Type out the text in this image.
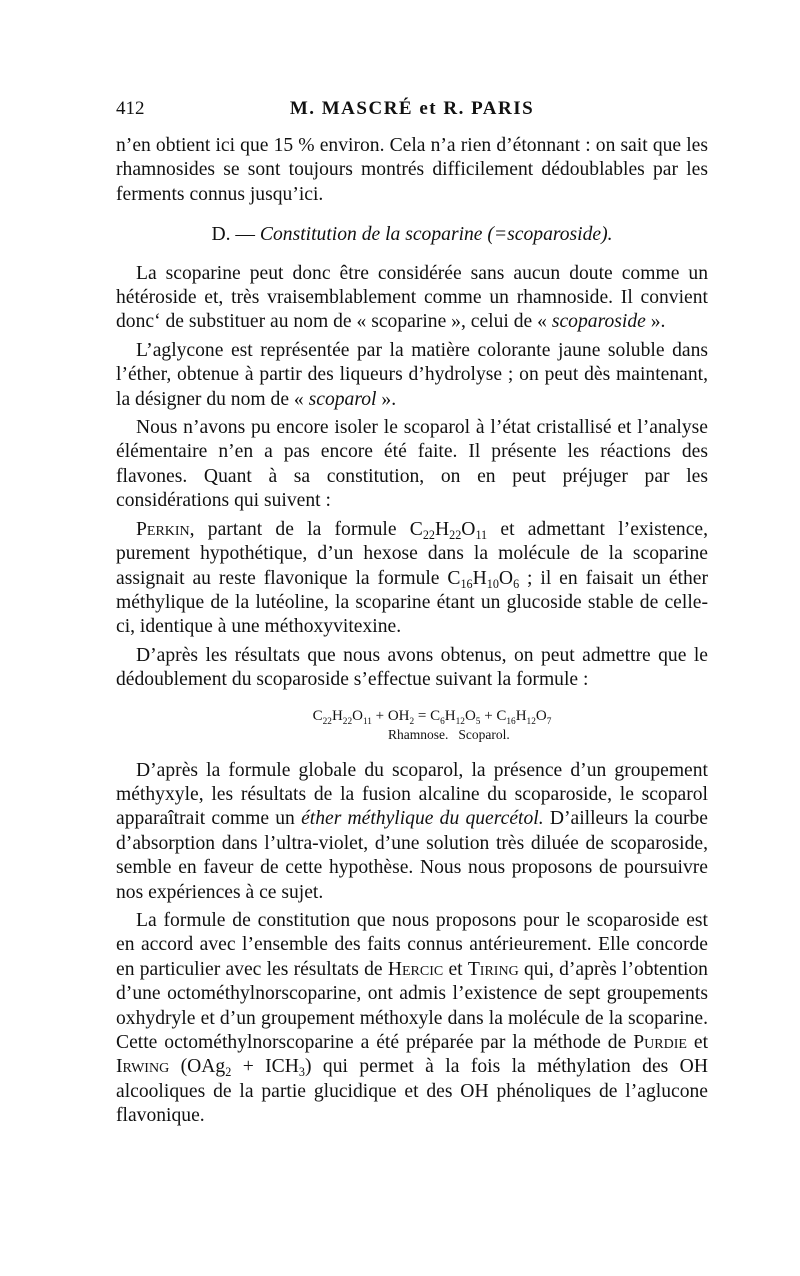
412	M. MASCRÉ et R. PARIS

n’en obtient ici que 15 % environ. Cela n’a rien d’étonnant : on sait que les rhamnosides se sont toujours montrés difficilement dédoublables par les ferments connus jusqu’ici.

D. — Constitution de la scoparine (=scoparoside).

La scoparine peut donc être considérée sans aucun doute comme un hétéroside et, très vraisemblablement comme un rhamnoside. Il convient donc‘ de substituer au nom de « scoparine », celui de « scoparoside ».

L’aglycone est représentée par la matière colorante jaune soluble dans l’éther, obtenue à partir des liqueurs d’hydrolyse ; on peut dès maintenant, la désigner du nom de « scoparol ».

Nous n’avons pu encore isoler le scoparol à l’état cristallisé et l’analyse élémentaire n’en a pas encore été faite. Il présente les réactions des flavones. Quant à sa constitution, on en peut préjuger par les considérations qui suivent :

Perkin, partant de la formule $C_{22}H_{22}O_{11}$ et admettant l’existence, purement hypothétique, d’un hexose dans la molécule de la scoparine assignait au reste flavonique la formule $C_{16}H_{10}O_6$ ; il en faisait un éther méthylique de la lutéoline, la scoparine étant un glucoside stable de celle-ci, identique à une méthoxyvitexine.

D’après les résultats que nous avons obtenus, on peut admettre que le dédoublement du scoparoside s’effectue suivant la formule :

$C_{22}H_{22}O_{11} + OH_2 = C_6H_{12}O_5 + C_{16}H_{12}O_7$
Rhamnose. Scoparol.

D’après la formule globale du scoparol, la présence d’un groupement méthyxyle, les résultats de la fusion alcaline du scoparoside, le scoparol apparaîtrait comme un éther méthylique du quercétol. D’ailleurs la courbe d’absorption dans l’ultra-violet, d’une solution très diluée de scoparoside, semble en faveur de cette hypothèse. Nous nous proposons de poursuivre nos expériences à ce sujet.

La formule de constitution que nous proposons pour le scoparoside est en accord avec l’ensemble des faits connus antérieurement. Elle concorde en particulier avec les résultats de Hercic et Tiring qui, d’après l’obtention d’une octométhylnorscoparine, ont admis l’existence de sept groupements oxhydryle et d’un groupement méthoxyle dans la molécule de la scoparine. Cette octométhylnorscoparine a été préparée par la méthode de Purdie et Irwing $(OAg_2 + ICH_3)$ qui permet à la fois la méthylation des OH alcooliques de la partie glucidique et des OH phénoliques de l’aglucone flavonique.
